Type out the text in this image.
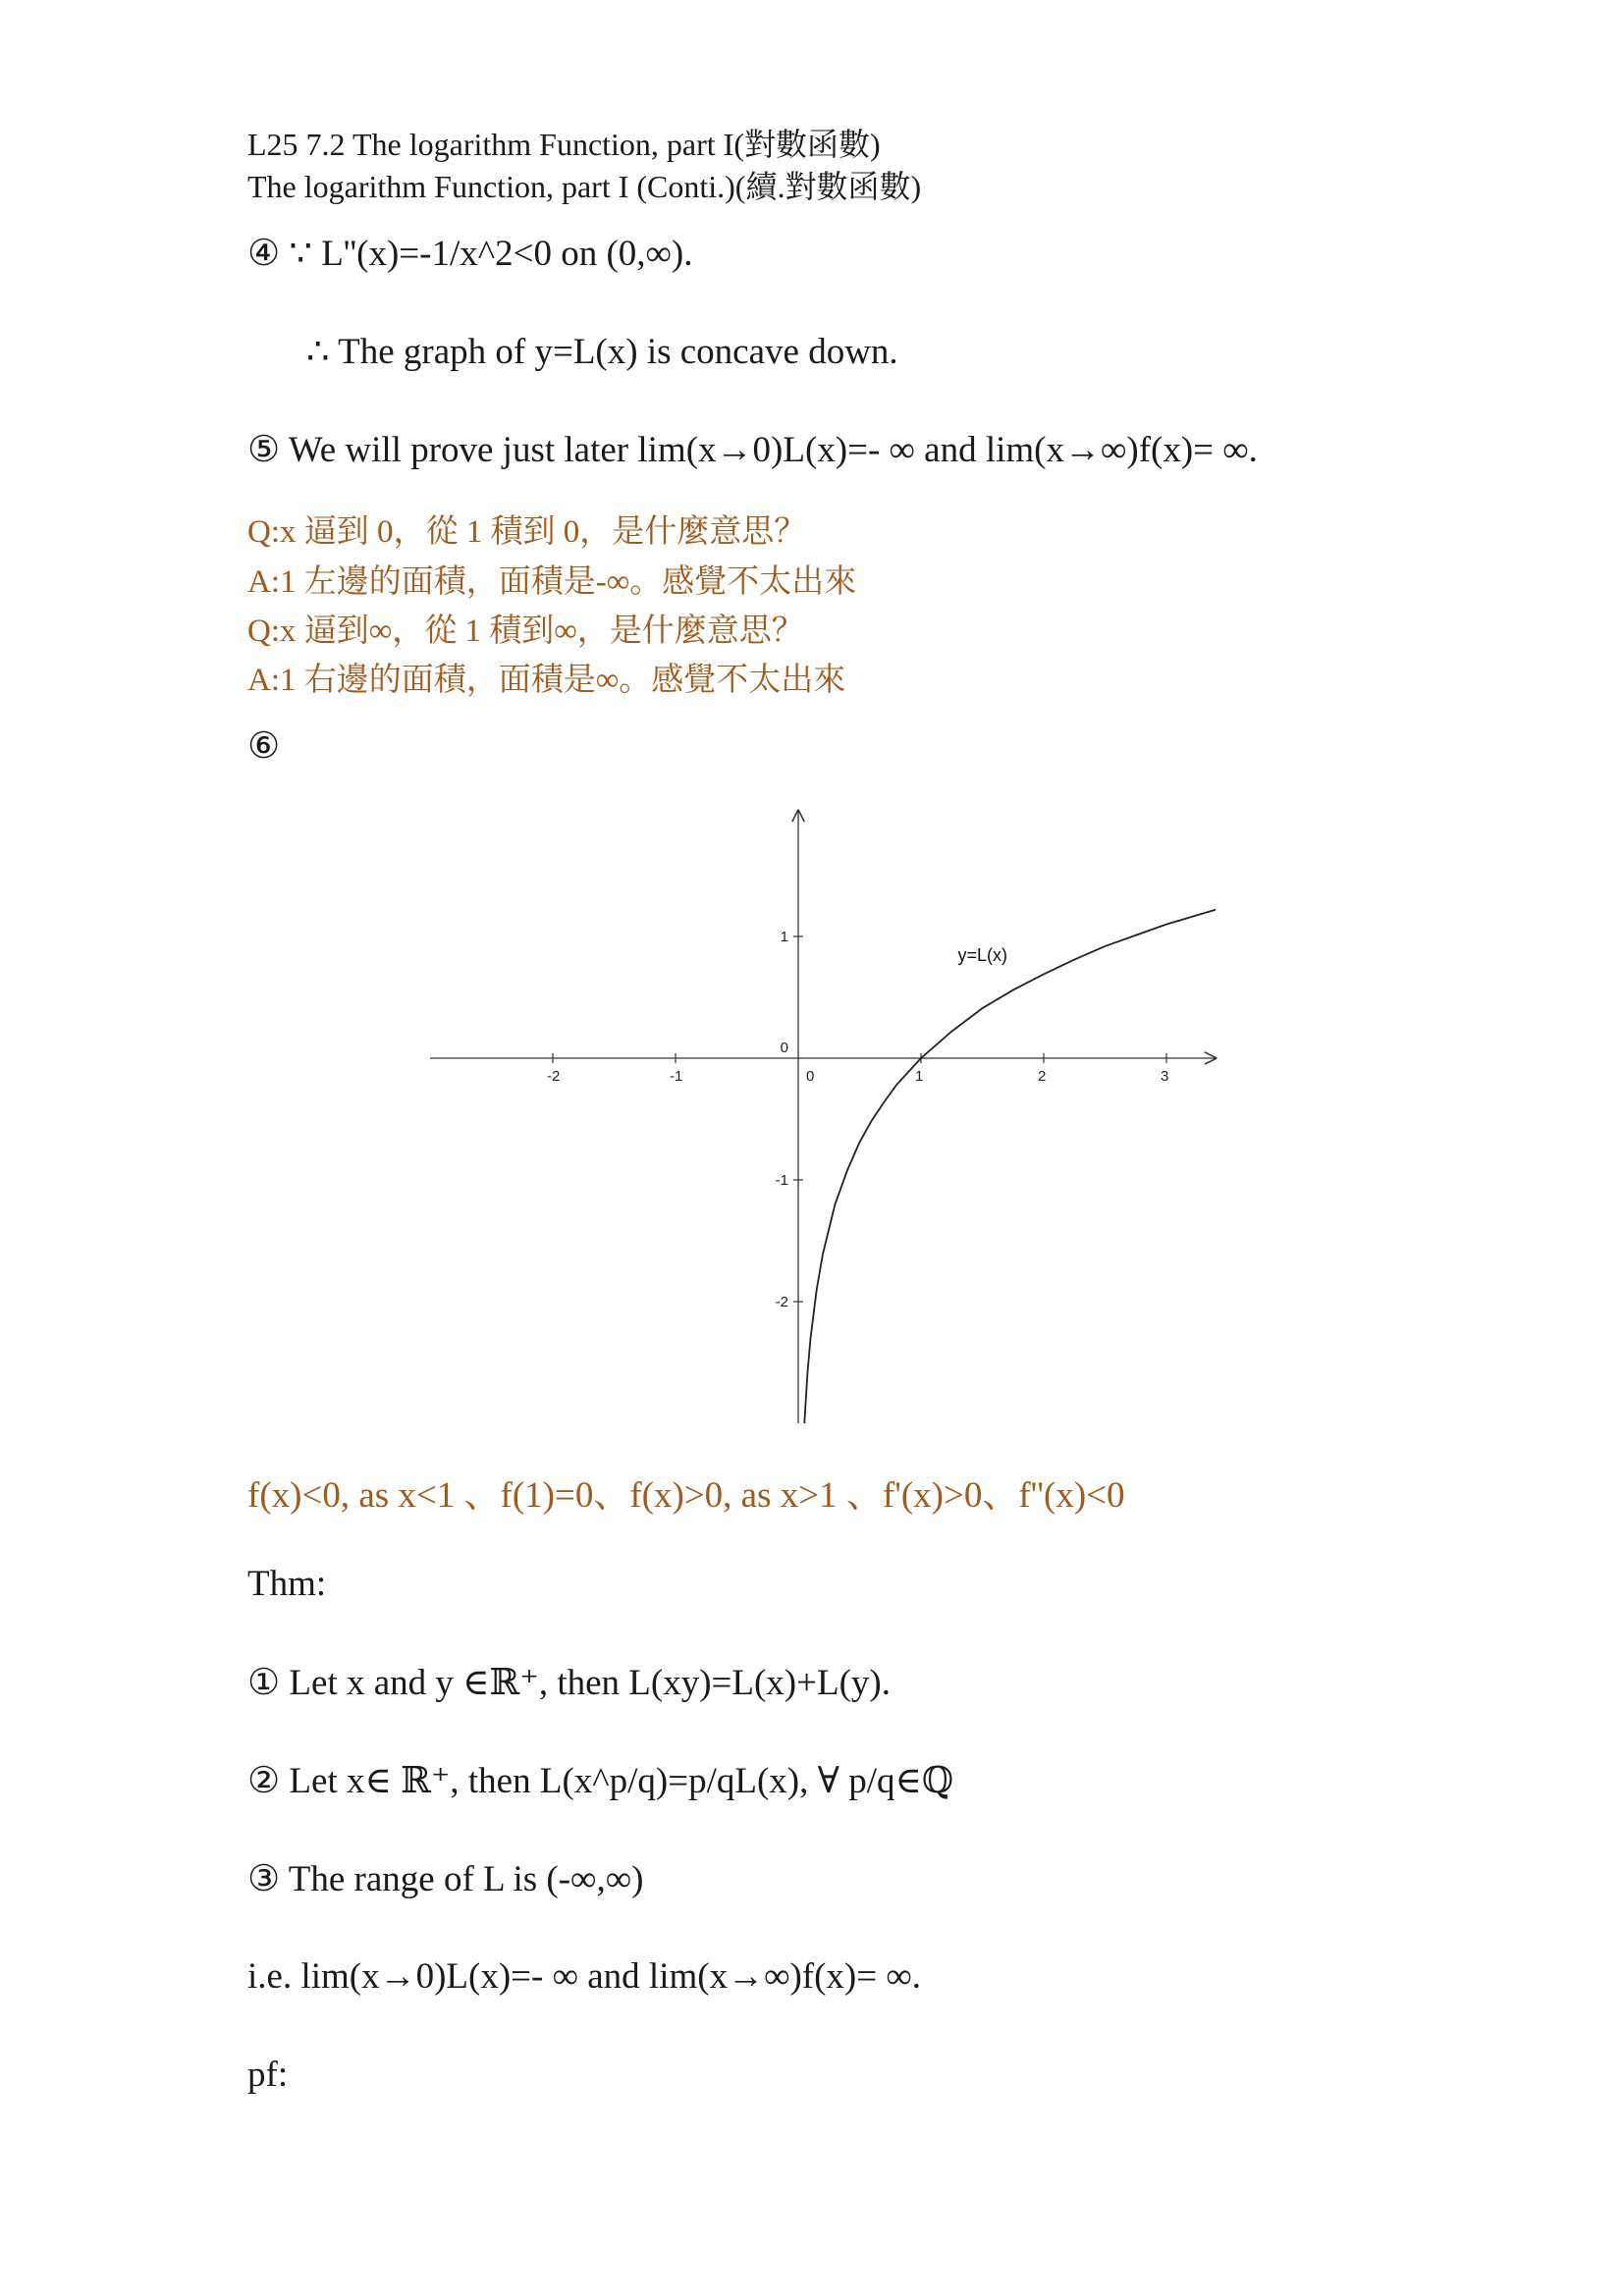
L25 7.2 The logarithm Function, part I(對數函數)
The logarithm Function, part I (Conti.)(續.對數函數)
④ ∵ L''(x)=-1/x^2<0 on (0,∞).
∴ The graph of y=L(x) is concave down.
⑤ We will prove just later lim(x→0)L(x)=- ∞ and lim(x→∞)f(x)= ∞.
Q:x 逼到 0，從 1 積到 0，是什麼意思？
A:1 左邊的面積，面積是-∞。感覺不太出來
Q:x 逼到∞，從 1 積到∞，是什麼意思？
A:1 右邊的面積，面積是∞。感覺不太出來
⑥
-2	-1	0	1	2	3
-2
-1
0
1
y=L(x)
f(x)<0, as x<1 、f(1)=0、f(x)>0, as x>1 、f'(x)>0、f''(x)<0
Thm:
① Let x and y ∈ℝ⁺, then L(xy)=L(x)+L(y).
② Let x∈ ℝ⁺, then L(x^p/q)=p/qL(x), ∀ p/q∈ℚ
③ The range of L is (-∞,∞)
i.e. lim(x→0)L(x)=- ∞ and lim(x→∞)f(x)= ∞.
pf:
